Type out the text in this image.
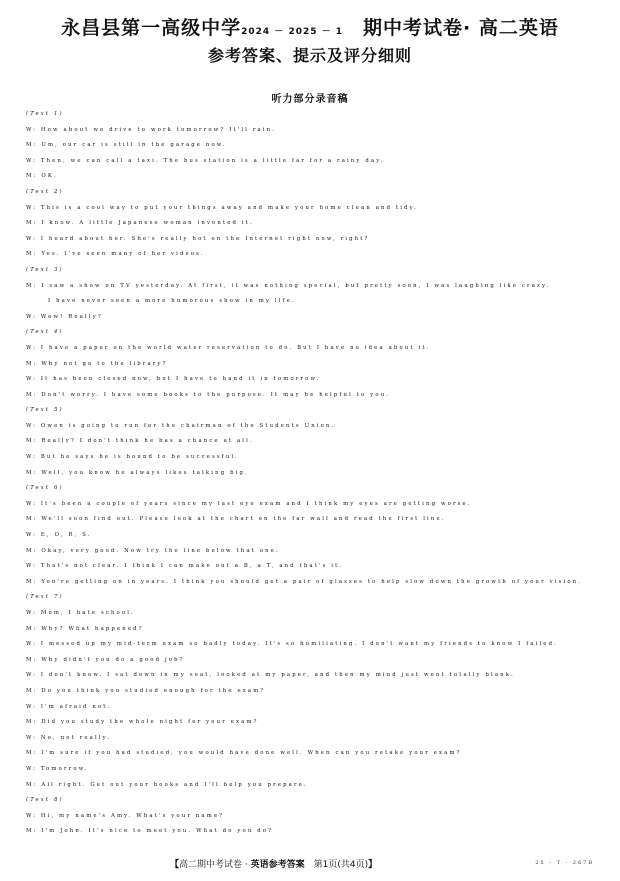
永昌县第一高级中学2024 － 2025 － 1　 期中考试卷· 高二英语
参考答案、提示及评分细则
听力部分录音稿
(Text 1)
W: How about we drive to work tomorrow? It'll rain.
M: Um, our car is still in the garage now.
W: Then, we can call a taxi. The bus station is a little far for a rainy day.
M: OK.
(Text 2)
W: This is a cool way to put your things away and make your home clean and tidy.
M: I know. A little Japanese woman invented it.
W: I heard about her. She's really hot on the Internet right now, right?
M: Yes. I've seen many of her videos.
(Text 3)
M: I saw a show on TV yesterday. At first, it was nothing special, but pretty soon, I was laughing like crazy.
I have never seen a more humorous show in my life.
W: Wow! Really?
(Text 4)
W: I have a paper on the world water reservation to do. But I have no idea about it.
M: Why not go to the library?
W: It has been closed now, but I have to hand it in tomorrow.
M: Don't worry. I have some books to the purpose. It may be helpful to you.
(Text 5)
W: Owen is going to run for the chairman of the Students Union.
M: Really? I don't think he has a chance at all.
W: But he says he is bound to be successful.
M: Well, you know he always likes talking big.
(Text 6)
W: It's been a couple of years since my last eye exam and I think my eyes are getting worse.
M: We'll soon find out. Please look at the chart on the far wall and read the first line.
W: E, O, R, S.
M: Okay, very good. Now try the line below that one.
W: That's not clear. I think I can make out a B, a T, and that's it.
M: You're getting on in years. I think you should get a pair of glasses to help slow down the growth of your vision.
(Text 7)
W: Mom, I hate school.
M: Why? What happened?
W: I messed up my mid-term exam so badly today. It's so humiliating. I don't want my friends to know I failed.
M: Why didn't you do a good job?
W: I don't know. I sat down in my seat, looked at my paper, and then my mind just went totally blank.
M: Do you think you studied enough for the exam?
W: I'm afraid not.
M: Did you study the whole night for your exam?
W: No, not really.
M: I'm sure if you had studied, you would have done well. When can you retake your exam?
W: Tomorrow.
M: All right. Get out your books and I'll help you prepare.
(Text 8)
W: Hi, my name's Amy. What's your name?
M: I'm John. It's nice to meet you. What do you do?
【高二期中考试卷 · 英语参考答案　第1页(共4页)】	25 - T - 267B
